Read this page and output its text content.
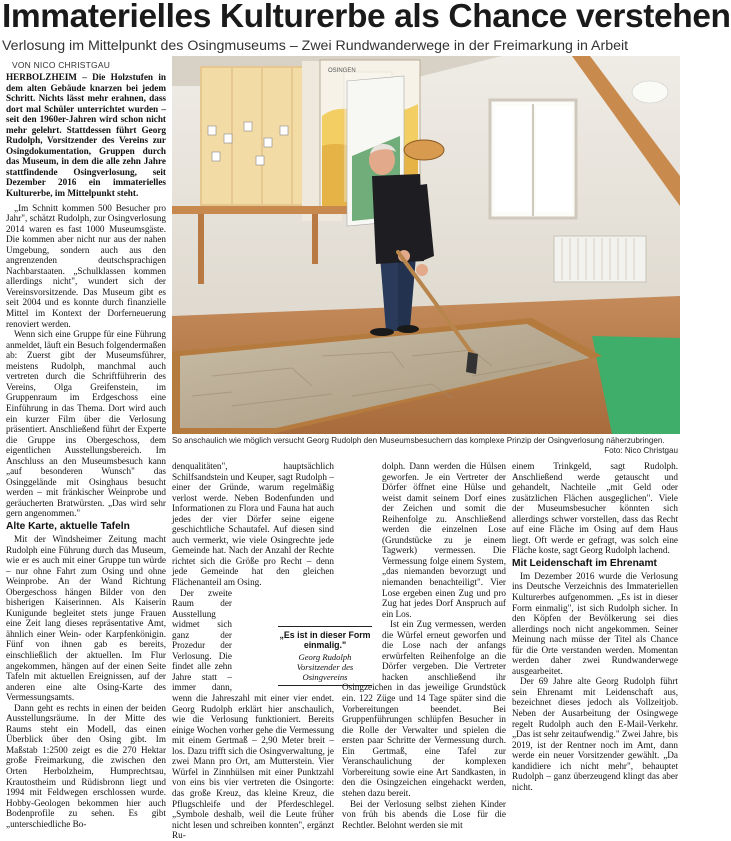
Immaterielles Kulturerbe als Chance verstehen
Verlosung im Mittelpunkt des Osingmuseums – Zwei Rundwanderwege in der Freimarkung in Arbeit
VON NICO CHRISTGAU

HERBOLZHEIM – Die Holzstufen in dem alten Gebäude knarzen bei jedem Schritt. Nichts lässt mehr erahnen, dass dort mal Schüler unterrichtet wurden – seit den 1960er-Jahren wird schon nicht mehr gelehrt. Stattdessen führt Georg Rudolph, Vorsitzender des Vereins zur Osingdokumentation, Gruppen durch das Museum, in dem die alle zehn Jahre stattfindende Osingverlosung, seit Dezember 2016 ein immaterielles Kulturerbe, im Mittelpunkt steht.

„Im Schnitt kommen 500 Besucher pro Jahr", schätzt Rudolph, zur Osingverlosung 2014 waren es fast 1000 Museumsgäste. Die kommen aber nicht nur aus der nahen Umgebung, sondern auch aus den angrenzenden deutschsprachigen Nachbarstaaten. „Schulklassen kommen allerdings nicht", wundert sich der Vereinsvorsitzende. Das Museum gibt es seit 2004 und es konnte durch finanzielle Mittel im Kontext der Dorferneuerung renoviert werden.

Wenn sich eine Gruppe für eine Führung anmeldet, läuft ein Besuch folgendermaßen ab: Zuerst gibt der Museumsführer, meistens Rudolph, manchmal auch vertreten durch die Schriftführerin des Vereins, Olga Greifenstein, im Gruppenraum im Erdgeschoss eine Einführung in das Thema. Dort wird auch ein kurzer Film über die Verlosung präsentiert. Anschließend führt der Experte die Gruppe ins Obergeschoss, dem eigentlichen Ausstellungsbereich. Im Anschluss an den Museumsbesuch kann „auf besonderen Wunsch" das Osinggelände mit Osinghaus besucht werden – mit fränkischer Weinprobe und geräucherten Bratwürsten. „Das wird sehr gern angenommen."

Alte Karte, aktuelle Tafeln

Mit der Windsheimer Zeitung macht Rudolph eine Führung durch das Museum, wie er es auch mit einer Gruppe tun würde – nur ohne Fahrt zum Osing und ohne Weinprobe. An der Wand Richtung Obergeschoss hängen Bilder von den bisherigen Kaiserinnen. Als Kaiserin Kunigunde begleitet stets junge Frauen eine Zeit lang dieses repräsentative Amt, ähnlich einer Wein- oder Karpfenkönigin. Fünf von ihnen gab es bereits, einschließlich der aktuellen. Im Flur angekommen, hängen auf der einen Seite Tafeln mit aktuellen Ereignissen, auf der anderen eine alte Osing-Karte des Vermessungsamts.

Dann geht es rechts in einen der beiden Ausstellungsräume. In der Mitte des Raums steht ein Modell, das einen Überblick über den Osing gibt. Im Maßstab 1:2500 zeigt es die 270 Hektar große Freimarkung, die zwischen den Orten Herbolzheim, Humprechtsau, Krautostheim und Rüdisbronn liegt und 1994 mit Feldwegen erschlossen wurde. Hobby-Geologen bekommen hier auch Bodenprofile zu sehen. Es gibt „unterschiedliche Bo-

OSINGEN
So anschaulich wie möglich versucht Georg Rudolph den Museumsbesuchern das komplexe Prinzip der Osingverlosung näherzubringen.
Foto: Nico Christgau

denqualitäten", hauptsächlich Schilfsandstein und Keuper, sagt Rudolph – einer der Gründe, warum regelmäßig verlost werde. Neben Bodenfunden und Informationen zu Flora und Fauna hat auch jedes der vier Dörfer seine eigene geschichtliche Schautafel. Auf diesen sind auch vermerkt, wie viele Osingrechte jede Gemeinde hat. Nach der Anzahl der Rechte richtet sich die Größe pro Recht – denn jede Gemeinde hat den gleichen Flächenanteil am Osing.

Der zweite Raum der Ausstellung widmet sich ganz der Prozedur der Verlosung. Die findet alle zehn Jahre statt – immer dann, wenn die Jahreszahl mit einer vier endet. Georg Rudolph erklärt hier anschaulich, wie die Verlosung funktioniert. Bereits einige Wochen vorher gehe die Vermessung mit einem Gertmaß – 2,90 Meter breit – los. Dazu trifft sich die Osingverwaltung, je zwei Mann pro Ort, am Mutterstein. Vier Würfel in Zinnhülsen mit einer Punktzahl von eins bis vier vertreten die Osingorte: das große Kreuz, das kleine Kreuz, die Pflugschleife und der Pferdeschlegel. „Symbole deshalb, weil die Leute früher nicht lesen und schreiben konnten", ergänzt Ru-

dolph. Dann werden die Hülsen geworfen. Je ein Vertreter der Dörfer öffnet eine Hülse und weist damit seinem Dorf eines der Zeichen und somit die Reihenfolge zu. Anschließend werden die einzelnen Lose (Grundstücke zu je einem Tagwerk) vermessen. Die Vermessung folge einem System, „das niemanden bevorzugt und niemanden benachteiligt". Vier Lose ergeben einen Zug und pro Zug hat jedes Dorf Anspruch auf ein Los.

Ist ein Zug vermessen, werden die Würfel erneut geworfen und die Lose nach der anfangs erwürfelten Reihenfolge an die Dörfer vergeben. Die Vertreter hacken anschließend ihr Osingzeichen in das jeweilige Grundstück ein. 122 Züge und 14 Tage später sind die Vorbereitungen beendet. Bei Gruppenführungen schlüpfen Besucher in die Rolle der Verwalter und spielen die ersten paar Schritte der Vermessung durch. Ein Gertmaß, eine Tafel zur Veranschaulichung der komplexen Vorbereitung sowie eine Art Sandkasten, in den die Osingzeichen eingehackt werden, stehen dazu bereit.

Bei der Verlosung selbst ziehen Kinder von früh bis abends die Lose für die Rechtler. Belohnt werden sie mit

„Es ist in dieser Form einmalig."
Georg Rudolph
Vorsitzender des Osingvereins

einem Trinkgeld, sagt Rudolph. Anschließend werde getauscht und gehandelt, Nachteile „mit Geld oder zusätzlichen Flächen ausgeglichen". Viele der Museumsbesucher könnten sich allerdings schwer vorstellen, dass das Recht auf eine Fläche im Osing auf dem Haus liegt. Oft werde er gefragt, was solch eine Fläche koste, sagt Georg Rudolph lachend.

Mit Leidenschaft im Ehrenamt

Im Dezember 2016 wurde die Verlosung ins Deutsche Verzeichnis des Immateriellen Kulturerbes aufgenommen. „Es ist in dieser Form einmalig", ist sich Rudolph sicher. In den Köpfen der Bevölkerung sei dies allerdings noch nicht angekommen. Seiner Meinung nach müsse der Titel als Chance für die Orte verstanden werden. Momentan werden daher zwei Rundwanderwege ausgearbeitet.

Der 69 Jahre alte Georg Rudolph führt sein Ehrenamt mit Leidenschaft aus, bezeichnet dieses jedoch als Vollzeitjob. Neben der Ausarbeitung der Osingwege regelt Rudolph auch den E-Mail-Verkehr. „Das ist sehr zeitaufwendig." Zwei Jahre, bis 2019, ist der Rentner noch im Amt, dann werde ein neuer Vorsitzender gewählt. „Da kandidiere ich nicht mehr", behauptet Rudolph – ganz überzeugend klingt das aber nicht.
